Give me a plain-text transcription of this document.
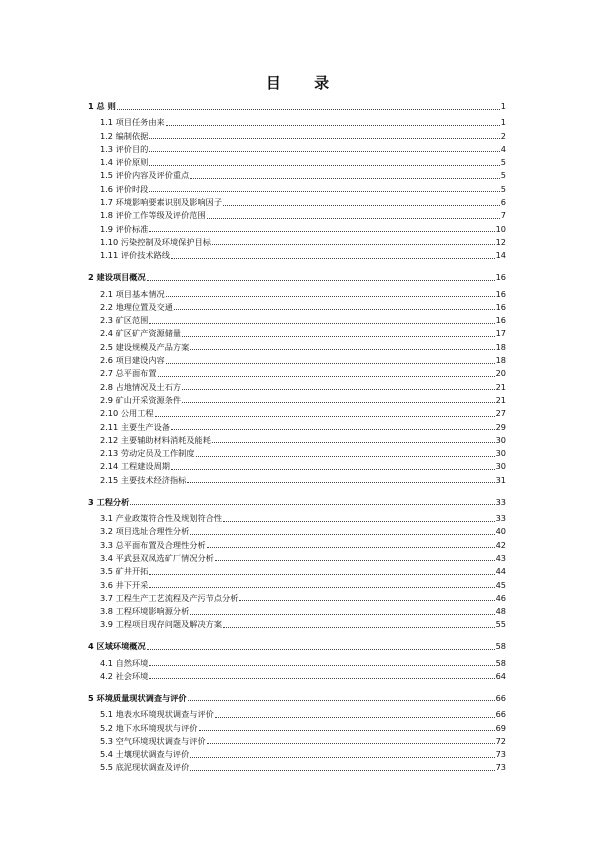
目 录
1 总 则	1
1.1 项目任务由来	1
1.2 编制依据	2
1.3 评价目的	4
1.4 评价原则	5
1.5 评价内容及评价重点	5
1.6 评价时段	5
1.7 环境影响要素识别及影响因子	6
1.8 评价工作等级及评价范围	7
1.9 评价标准	10
1.10 污染控制及环境保护目标	12
1.11 评价技术路线	14
2 建设项目概况	16
2.1 项目基本情况	16
2.2 地理位置及交通	16
2.3 矿区范围	16
2.4 矿区矿产资源储量	17
2.5 建设规模及产品方案	18
2.6 项目建设内容	18
2.7 总平面布置	20
2.8 占地情况及土石方	21
2.9 矿山开采资源条件	21
2.10 公用工程	27
2.11 主要生产设备	29
2.12 主要辅助材料消耗及能耗	30
2.13 劳动定员及工作制度	30
2.14 工程建设周期	30
2.15 主要技术经济指标	31
3 工程分析	33
3.1 产业政策符合性及规划符合性	33
3.2 项目选址合理性分析	40
3.3 总平面布置及合理性分析	42
3.4 平武县双凤选矿厂情况分析	43
3.5 矿井开拓	44
3.6 井下开采	45
3.7 工程生产工艺流程及产污节点分析	46
3.8 工程环境影响源分析	48
3.9 工程项目现存问题及解决方案	55
4 区域环境概况	58
4.1 自然环境	58
4.2 社会环境	64
5 环境质量现状调查与评价	66
5.1 地表水环境现状调查与评价	66
5.2 地下水环境现状与评价	69
5.3 空气环境现状调查与评价	72
5.4 土壤现状调查与评价	73
5.5 底泥现状调查及评价	73
